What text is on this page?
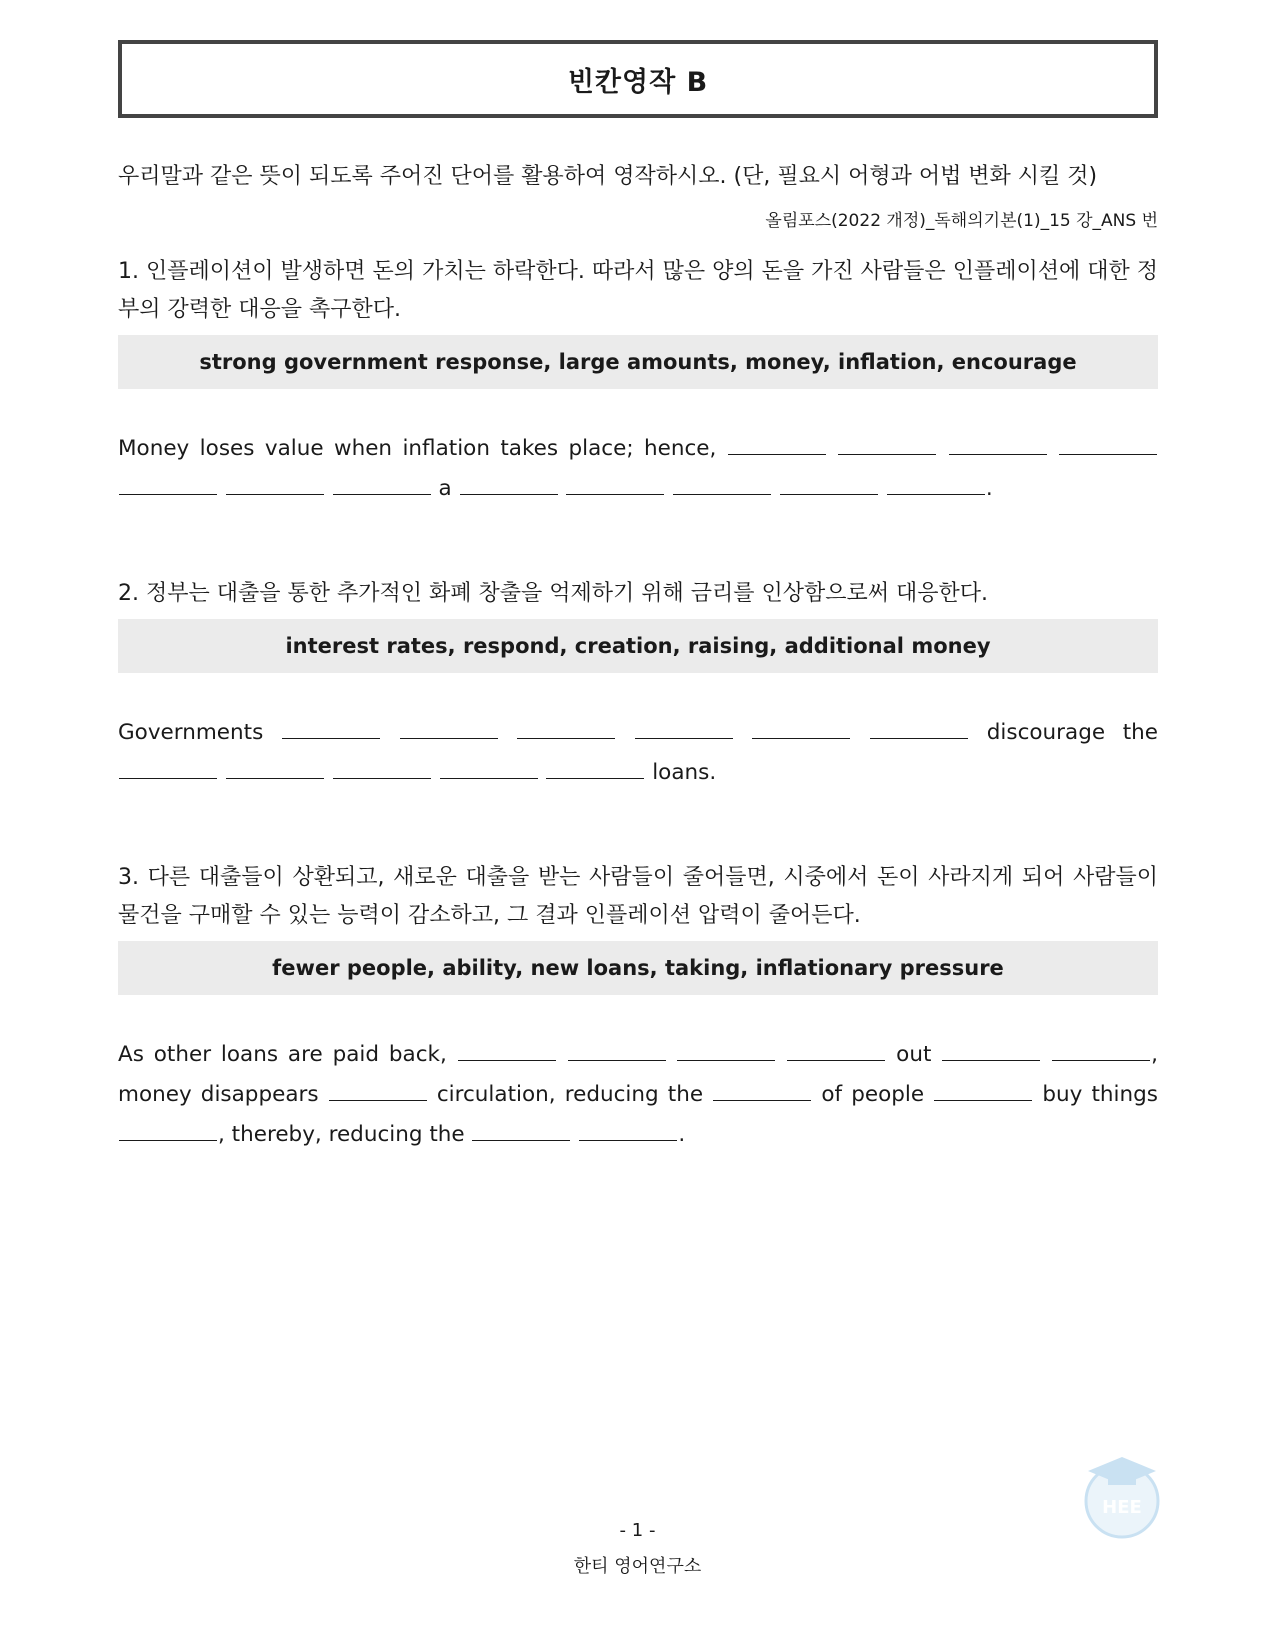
빈칸영작 B
우리말과 같은 뜻이 되도록 주어진 단어를 활용하여 영작하시오. (단, 필요시 어형과 어법 변화 시킬 것)
올림포스(2022 개정)_독해의기본(1)_15 강_ANS 번
1. 인플레이션이 발생하면 돈의 가치는 하락한다. 따라서 많은 양의 돈을 가진 사람들은 인플레이션에 대한 정부의 강력한 대응을 촉구한다.
strong government response, large amounts, money, inflation, encourage
Money loses value when inflation takes place; hence,        a	.
2. 정부는 대출을 통한 추가적인 화폐 창출을 억제하기 위해 금리를 인상함으로써 대응한다.
interest rates, respond, creation, raising, additional money
Governments	discourage the      loans.
3. 다른 대출들이 상환되고, 새로운 대출을 받는 사람들이 줄어들면, 시중에서 돈이 사라지게 되어 사람들이 물건을 구매할 수 있는 능력이 감소하고, 그 결과 인플레이션 압력이 줄어든다.
fewer people, ability, new loans, taking, inflationary pressure
As other loans are paid back,	out	, money disappears	circulation, reducing the	of people	buy things , thereby, reducing the	.
HEE
- 1 -
한티 영어연구소
